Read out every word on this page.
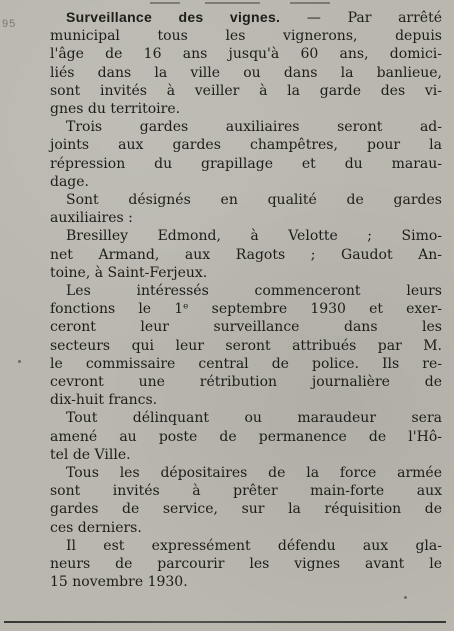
95	Surveillance des vignes. — Par arrêté
municipal tous les vignerons, depuis
l'âge de 16 ans jusqu'à 60 ans, domici-
liés dans la ville ou dans la banlieue,
sont invités à veiller à la garde des vi-
gnes du territoire.
Trois gardes auxiliaires seront ad-
joints aux gardes champêtres, pour la
répression du grapillage et du marau-
dage.
Sont désignés en qualité de gardes
auxiliaires :
Bresilley Edmond, à Velotte ; Simo-
net Armand, aux Ragots ; Gaudot An-
toine, à Saint-Ferjeux.
Les intéressés commenceront leurs
fonctions le 1ᵉ septembre 1930 et exer-
ceront leur surveillance dans les
secteurs qui leur seront attribués par M.
le commissaire central de police. Ils re-
cevront une rétribution journalière de
dix-huit francs.
Tout délinquant ou maraudeur sera
amené au poste de permanence de l'Hô-
tel de Ville.
Tous les dépositaires de la force armée
sont invités à prêter main-forte aux
gardes de service, sur la réquisition de
ces derniers.
Il est expressément défendu aux gla-
neurs de parcourir les vignes avant le
15 novembre 1930.
